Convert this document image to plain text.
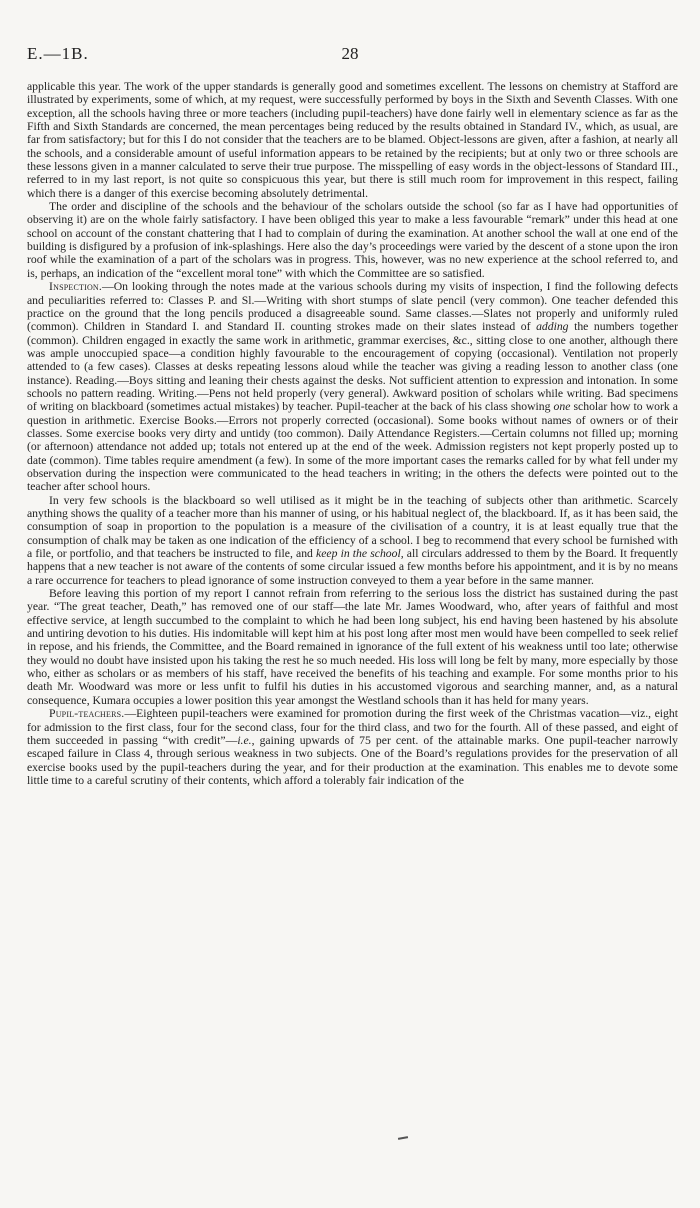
E.—1B.	28

applicable this year. The work of the upper standards is generally good and sometimes excellent. The lessons on chemistry at Stafford are illustrated by experiments, some of which, at my request, were successfully performed by boys in the Sixth and Seventh Classes. With one exception, all the schools having three or more teachers (including pupil-teachers) have done fairly well in elementary science as far as the Fifth and Sixth Standards are concerned, the mean percentages being reduced by the results obtained in Standard IV., which, as usual, are far from satisfactory; but for this I do not consider that the teachers are to be blamed. Object-lessons are given, after a fashion, at nearly all the schools, and a considerable amount of useful information appears to be retained by the recipients; but at only two or three schools are these lessons given in a manner calculated to serve their true purpose. The misspelling of easy words in the object-lessons of Standard III., referred to in my last report, is not quite so conspicuous this year, but there is still much room for improvement in this respect, failing which there is a danger of this exercise becoming absolutely detrimental.

The order and discipline of the schools and the behaviour of the scholars outside the school (so far as I have had opportunities of observing it) are on the whole fairly satisfactory. I have been obliged this year to make a less favourable “remark” under this head at one school on account of the constant chattering that I had to complain of during the examination. At another school the wall at one end of the building is disfigured by a profusion of ink-splashings. Here also the day’s proceedings were varied by the descent of a stone upon the iron roof while the examination of a part of the scholars was in progress. This, however, was no new experience at the school referred to, and is, perhaps, an indication of the “excellent moral tone” with which the Committee are so satisfied.

Inspection.—On looking through the notes made at the various schools during my visits of inspection, I find the following defects and peculiarities referred to: Classes P. and Sl.—Writing with short stumps of slate pencil (very common). One teacher defended this practice on the ground that the long pencils produced a disagreeable sound. Same classes.—Slates not properly and uniformly ruled (common). Children in Standard I. and Standard II. counting strokes made on their slates instead of adding the numbers together (common). Children engaged in exactly the same work in arithmetic, grammar exercises, &c., sitting close to one another, although there was ample unoccupied space—a condition highly favourable to the encouragement of copying (occasional). Ventilation not properly attended to (a few cases). Classes at desks repeating lessons aloud while the teacher was giving a reading lesson to another class (one instance). Reading.—Boys sitting and leaning their chests against the desks. Not sufficient attention to expression and intonation. In some schools no pattern reading. Writing.—Pens not held properly (very general). Awkward position of scholars while writing. Bad specimens of writing on blackboard (sometimes actual mistakes) by teacher. Pupil-teacher at the back of his class showing one scholar how to work a question in arithmetic. Exercise Books.—Errors not properly corrected (occasional). Some books without names of owners or of their classes. Some exercise books very dirty and untidy (too common). Daily Attendance Registers.—Certain columns not filled up; morning (or afternoon) attendance not added up; totals not entered up at the end of the week. Admission registers not kept properly posted up to date (common). Time tables require amendment (a few). In some of the more important cases the remarks called for by what fell under my observation during the inspection were communicated to the head teachers in writing; in the others the defects were pointed out to the teacher after school hours.

In very few schools is the blackboard so well utilised as it might be in the teaching of subjects other than arithmetic. Scarcely anything shows the quality of a teacher more than his manner of using, or his habitual neglect of, the blackboard. If, as it has been said, the consumption of soap in proportion to the population is a measure of the civilisation of a country, it is at least equally true that the consumption of chalk may be taken as one indication of the efficiency of a school. I beg to recommend that every school be furnished with a file, or portfolio, and that teachers be instructed to file, and keep in the school, all circulars addressed to them by the Board. It frequently happens that a new teacher is not aware of the contents of some circular issued a few months before his appointment, and it is by no means a rare occurrence for teachers to plead ignorance of some instruction conveyed to them a year before in the same manner.

Before leaving this portion of my report I cannot refrain from referring to the serious loss the district has sustained during the past year. “The great teacher, Death,” has removed one of our staff—the late Mr. James Woodward, who, after years of faithful and most effective service, at length succumbed to the complaint to which he had been long subject, his end having been hastened by his absolute and untiring devotion to his duties. His indomitable will kept him at his post long after most men would have been compelled to seek relief in repose, and his friends, the Committee, and the Board remained in ignorance of the full extent of his weakness until too late; otherwise they would no doubt have insisted upon his taking the rest he so much needed. His loss will long be felt by many, more especially by those who, either as scholars or as members of his staff, have received the benefits of his teaching and example. For some months prior to his death Mr. Woodward was more or less unfit to fulfil his duties in his accustomed vigorous and searching manner, and, as a natural consequence, Kumara occupies a lower position this year amongst the Westland schools than it has held for many years.

Pupil-teachers.—Eighteen pupil-teachers were examined for promotion during the first week of the Christmas vacation—viz., eight for admission to the first class, four for the second class, four for the third class, and two for the fourth. All of these passed, and eight of them succeeded in passing “with credit”—i.e., gaining upwards of 75 per cent. of the attainable marks. One pupil-teacher narrowly escaped failure in Class 4, through serious weakness in two subjects. One of the Board’s regulations provides for the preservation of all exercise books used by the pupil-teachers during the year, and for their production at the examination. This enables me to devote some little time to a careful scrutiny of their contents, which afford a tolerably fair indication of the
